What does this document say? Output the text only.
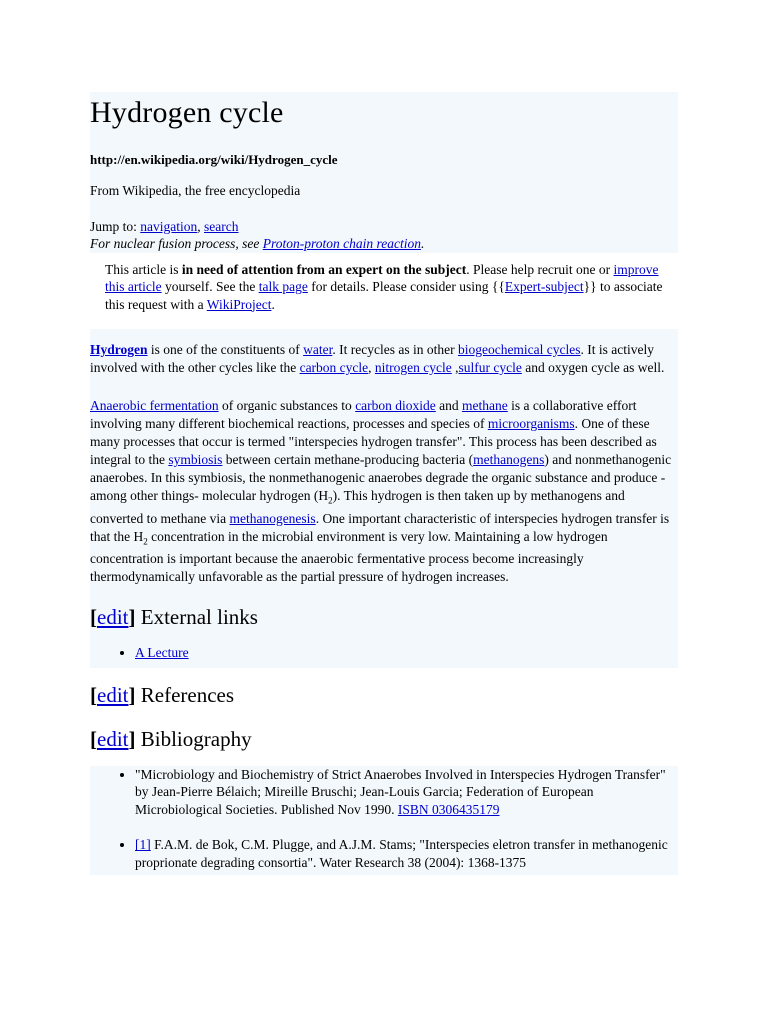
Hydrogen cycle
http://en.wikipedia.org/wiki/Hydrogen_cycle
From Wikipedia, the free encyclopedia
Jump to: navigation, search
For nuclear fusion process, see Proton-proton chain reaction.
This article is in need of attention from an expert on the subject. Please help recruit one or improve this article yourself. See the talk page for details. Please consider using {{Expert-subject}} to associate this request with a WikiProject.

Hydrogen is one of the constituents of water. It recycles as in other biogeochemical cycles. It is actively involved with the other cycles like the carbon cycle, nitrogen cycle ,sulfur cycle and oxygen cycle as well.

Anaerobic fermentation of organic substances to carbon dioxide and methane is a collaborative effort involving many different biochemical reactions, processes and species of microorganisms. One of these many processes that occur is termed "interspecies hydrogen transfer". This process has been described as integral to the symbiosis between certain methane-producing bacteria (methanogens) and nonmethanogenic anaerobes. In this symbiosis, the nonmethanogenic anaerobes degrade the organic substance and produce -among other things- molecular hydrogen $(H_2)$. This hydrogen is then taken up by methanogens and converted to methane via methanogenesis. One important characteristic of interspecies hydrogen transfer is that the $H_2$ concentration in the microbial environment is very low. Maintaining a low hydrogen concentration is important because the anaerobic fermentative process become increasingly thermodynamically unfavorable as the partial pressure of hydrogen increases.

[edit] External links
• A Lecture
[edit] References
[edit] Bibliography
• "Microbiology and Biochemistry of Strict Anaerobes Involved in Interspecies Hydrogen Transfer" by Jean-Pierre Bélaich; Mireille Bruschi; Jean-Louis Garcia; Federation of European Microbiological Societies. Published Nov 1990. ISBN 0306435179
• [1] F.A.M. de Bok, C.M. Plugge, and A.J.M. Stams; "Interspecies eletron transfer in methanogenic proprionate degrading consortia". Water Research 38 (2004): 1368-1375
